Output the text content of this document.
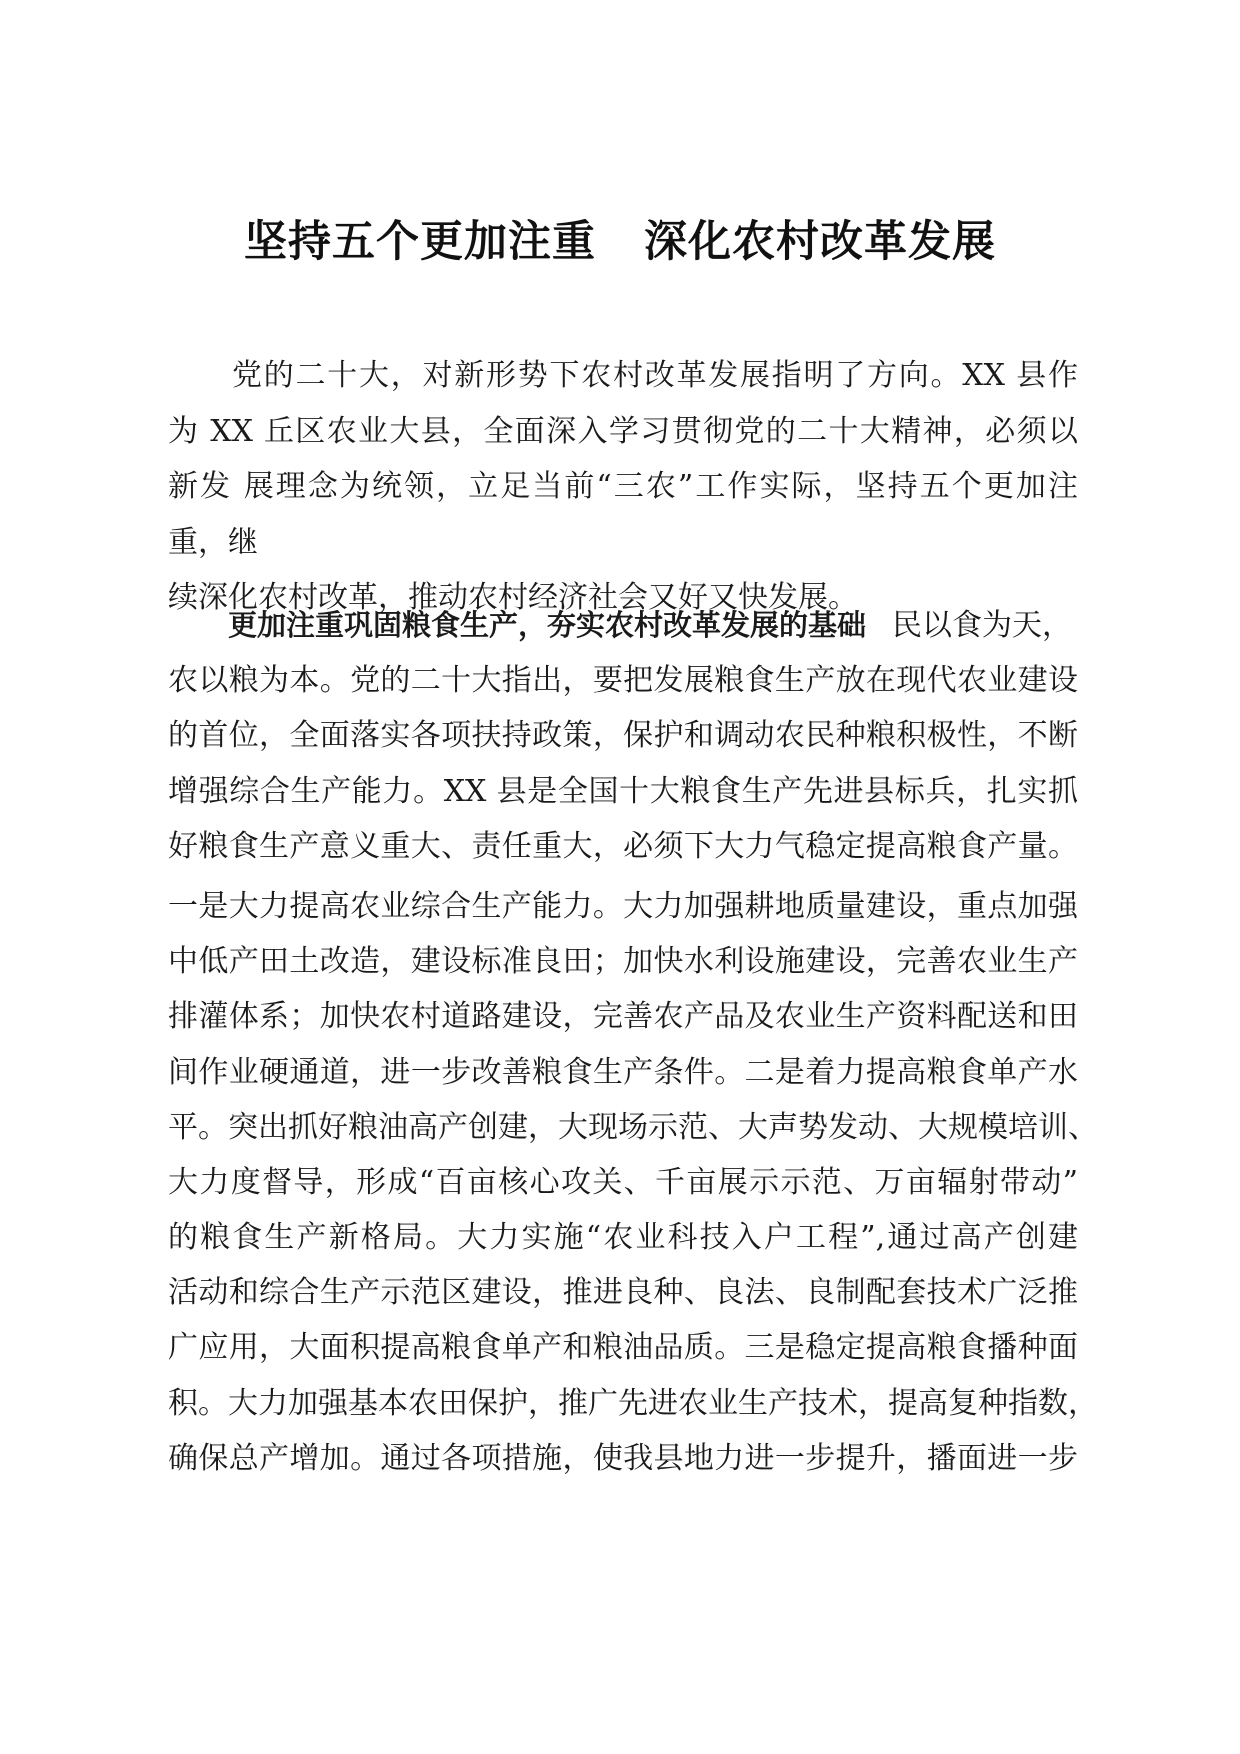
坚持五个更加注重   深化农村改革发展
党的二十大，对新形势下农村改革发展指明了方向。XX 县作
为 XX 丘区农业大县，全面深入学习贯彻党的二十大精神，必须以
新发 展理念为统领，立足当前“三农”工作实际，坚持五个更加注
重，继
续深化农村改革，推动农村经济社会又好又快发展。
更加注重巩固粮食生产，夯实农村改革发展的基础 民以食为天，
农以粮为本。党的二十大指出，要把发展粮食生产放在现代农业建设
的首位，全面落实各项扶持政策，保护和调动农民种粮积极性，不断
增强综合生产能力。XX 县是全国十大粮食生产先进县标兵，扎实抓
好粮食生产意义重大、责任重大，必须下大力气稳定提高粮食产量。
一是大力提高农业综合生产能力。大力加强耕地质量建设，重点加强
中低产田土改造，建设标准良田；加快水利设施建设，完善农业生产
排灌体系；加快农村道路建设，完善农产品及农业生产资料配送和田
间作业硬通道，进一步改善粮食生产条件。二是着力提高粮食单产水
平。突出抓好粮油高产创建，大现场示范、大声势发动、大规模培训、
大力度督导，形成“百亩核心攻关、千亩展示示范、万亩辐射带动”
的粮食生产新格局。大力实施“农业科技入户工程”,通过高产创建
活动和综合生产示范区建设，推进良种、良法、良制配套技术广泛推
广应用，大面积提高粮食单产和粮油品质。三是稳定提高粮食播种面
积。大力加强基本农田保护，推广先进农业生产技术，提高复种指数，
确保总产增加。通过各项措施，使我县地力进一步提升，播面进一步
